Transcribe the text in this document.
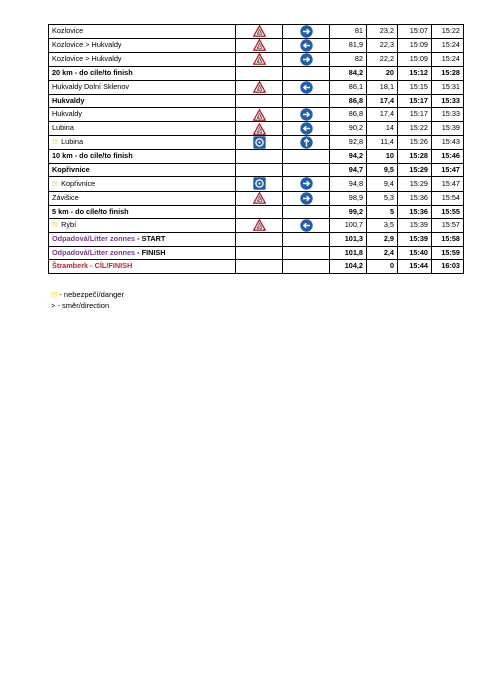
Kozlovice			81	23,2	15:07	15:22
Kozlovice > Hukvaldy			81,9	22,3	15:09	15:24
Kozlovice > Hukvaldy			82	22,2	15:09	15:24
20 km - do cíle/to finish			84,2	20	15:12	15:28
Hukvaldy Dolní Sklenov			86,1	18,1	15:15	15:31
Hukvaldy			86,8	17,4	15:17	15:33
Hukvaldy			86,8	17,4	15:17	15:33
Lubina			90,2	14	15:22	15:39
!!! Lubina			92,8	11,4	15:26	15:43
10 km - do cíle/to finish			94,2	10	15:28	15:46
Kopřivnice			94,7	9,5	15:29	15:47
!!! Kopřivnice			94,8	9,4	15:29	15:47
Závišice			98,9	5,3	15:36	15:54
5 km - do cíle/to finish			99,2	5	15:36	15:55
!!! Rybí			100,7	3,5	15:39	15:57
Odpadová/Litter zonnes - START			101,3	2,9	15:39	15:58
Odpadová/Litter zonnes - FINISH			101,8	2,4	15:40	15:59
Štramberk - CÍL/FINISH			104,2	0	15:44	16:03
!!! - nebezpečí/danger
> - směr/direction
